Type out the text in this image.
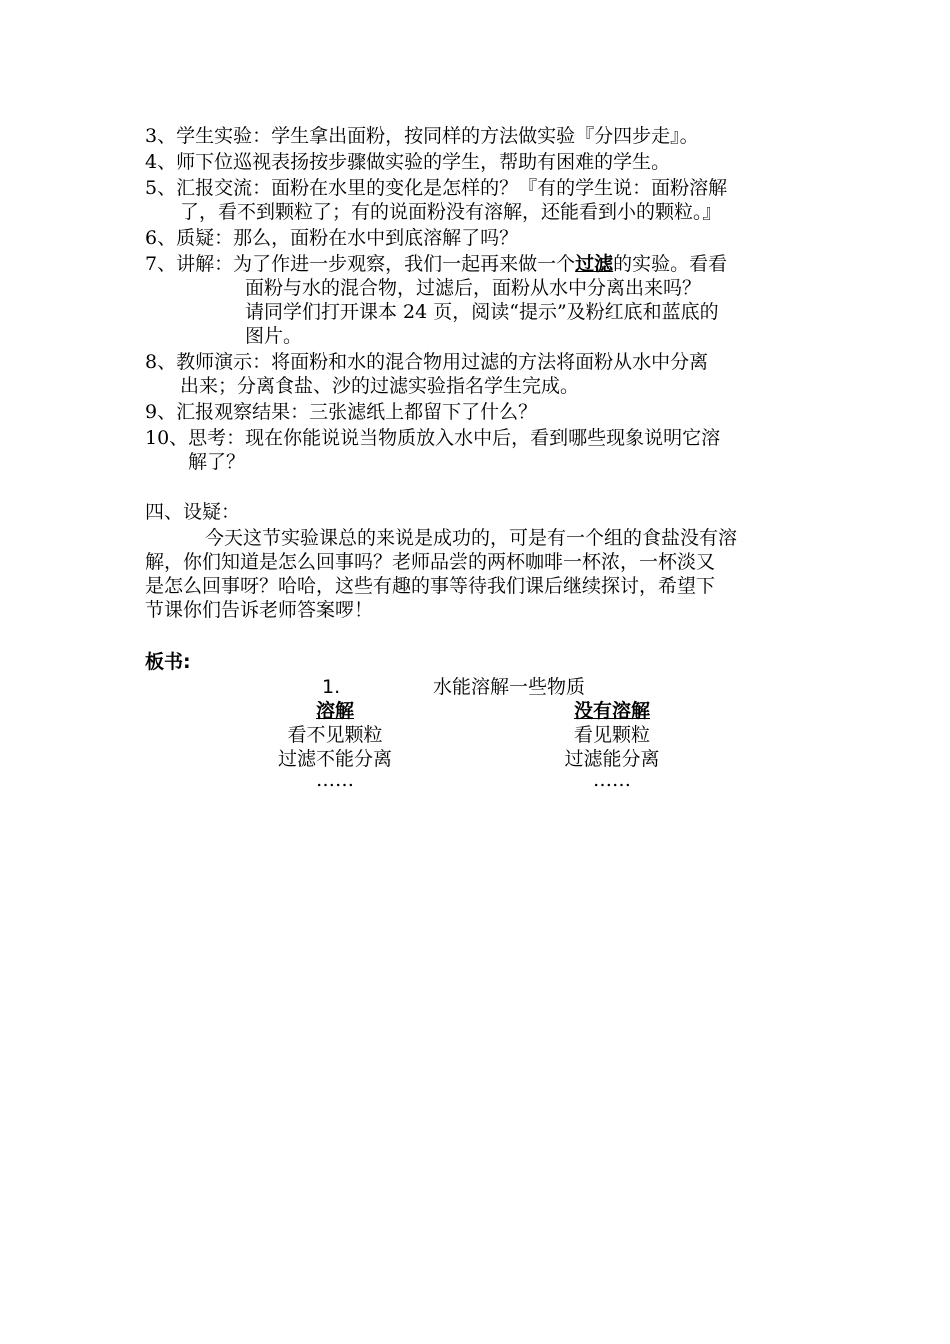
3、学生实验：学生拿出面粉，按同样的方法做实验『分四步走』。
4、师下位巡视表扬按步骤做实验的学生，帮助有困难的学生。
5、汇报交流：面粉在水里的变化是怎样的？『有的学生说：面粉溶解
了，看不到颗粒了；有的说面粉没有溶解，还能看到小的颗粒。』
6、质疑：那么，面粉在水中到底溶解了吗？
7、讲解：为了作进一步观察，我们一起再来做一个过滤的实验。看看
面粉与水的混合物，过滤后，面粉从水中分离出来吗？
请同学们打开课本 24 页，阅读“提示”及粉红底和蓝底的
图片。
8、教师演示：将面粉和水的混合物用过滤的方法将面粉从水中分离
出来；分离食盐、沙的过滤实验指名学生完成。
9、汇报观察结果：三张滤纸上都留下了什么？
10、思考：现在你能说说当物质放入水中后，看到哪些现象说明它溶
解了？
四、设疑：
今天这节实验课总的来说是成功的，可是有一个组的食盐没有溶
解，你们知道是怎么回事吗？老师品尝的两杯咖啡一杯浓，一杯淡又
是怎么回事呀？哈哈，这些有趣的事等待我们课后继续探讨，希望下
节课你们告诉老师答案啰！
板书:
1.	水能溶解一些物质
溶解
看不见颗粒
过滤不能分离
……
没有溶解
看见颗粒
过滤能分离
……
